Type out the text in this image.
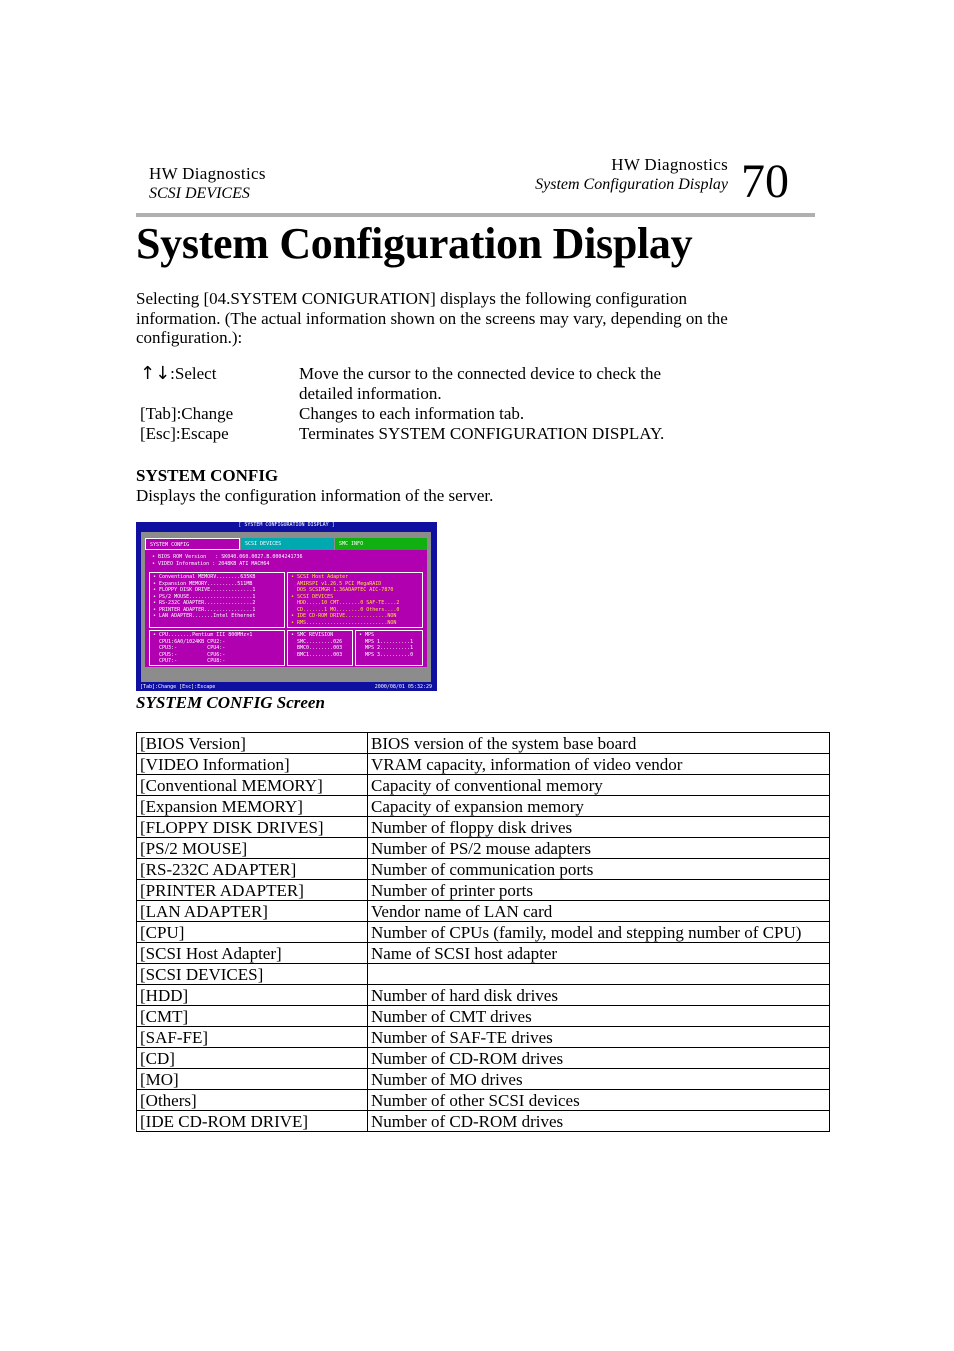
HW Diagnostics
SCSI DEVICES
HW Diagnostics
System Configuration Display 70
System Configuration Display

Selecting [04.SYSTEM CONIGURATION] displays the following configuration information. (The actual information shown on the screens may vary, depending on the configuration.):

↑↓:Select	Move the cursor to the connected device to check the detailed information.
[Tab]:Change	Changes to each information tab.
[Esc]:Escape	Terminates SYSTEM CONFIGURATION DISPLAY.
SYSTEM CONFIG
Displays the configuration information of the server.
[ SYSTEM CONFIGURATION DISPLAY ]
SYSTEM CONFIG	SCSI DEVICES	SMC INFO
• BIOS ROM Version   : SK040.060.0027.B.0004241736
• VIDEO Information : 2048KB ATI MACH64
• Conventional MEMORV........635KB
• Expansion MEMORY..........511MB
• FLOPPY DISK DRIVE..............1
• PS/2 MOUSE.....................1
• RS-232C ADAPTER................2
• PRINTER ADAPTER................1
• LAN ADAPTER.......Intel Ethernet
• SCSI Host Adapter
AMIRSPI v1.26.5 PCI MegaRAID
DOS SCSIMGR 1.36ADAPTEC AIC-7870
• SCSI DEVICES
HDD.....10 CMT.......0 SAF-TE....2
CD.......1 MO........0 Others....0
• IDE CD-ROM DRIVE..............NON
• RMS...........................NON
• CPU........Pentium III 800MHz×1
CPU1:6A0/1024KB CPU2:-
CPU3:-          CPU4:-
CPU5:-          CPU6:-
CPU7:-          CPU8:-
• SMC REVISION
SMC.........026
BMC0........003
BMC1........003
• MPS
MPS 1..........1
MPS 2..........1
MPS 3..........0
[Tab]:Change [Esc]:Escape	2000/08/01 05:32:29
SYSTEM CONFIG Screen
[BIOS Version]	BIOS version of the system base board
[VIDEO Information]	VRAM capacity, information of video vendor
[Conventional MEMORY]	Capacity of conventional memory
[Expansion MEMORY]	Capacity of expansion memory
[FLOPPY DISK DRIVES]	Number of floppy disk drives
[PS/2 MOUSE]	Number of PS/2 mouse adapters
[RS-232C ADAPTER]	Number of communication ports
[PRINTER ADAPTER]	Number of printer ports
[LAN ADAPTER]	Vendor name of LAN card
[CPU]	Number of CPUs (family, model and stepping number of CPU)
[SCSI Host Adapter]	Name of SCSI host adapter
[SCSI DEVICES]	
[HDD]	Number of hard disk drives
[CMT]	Number of CMT drives
[SAF-FE]	Number of SAF-TE drives
[CD]	Number of CD-ROM drives
[MO]	Number of MO drives
[Others]	Number of other SCSI devices
[IDE CD-ROM DRIVE]	Number of CD-ROM drives
